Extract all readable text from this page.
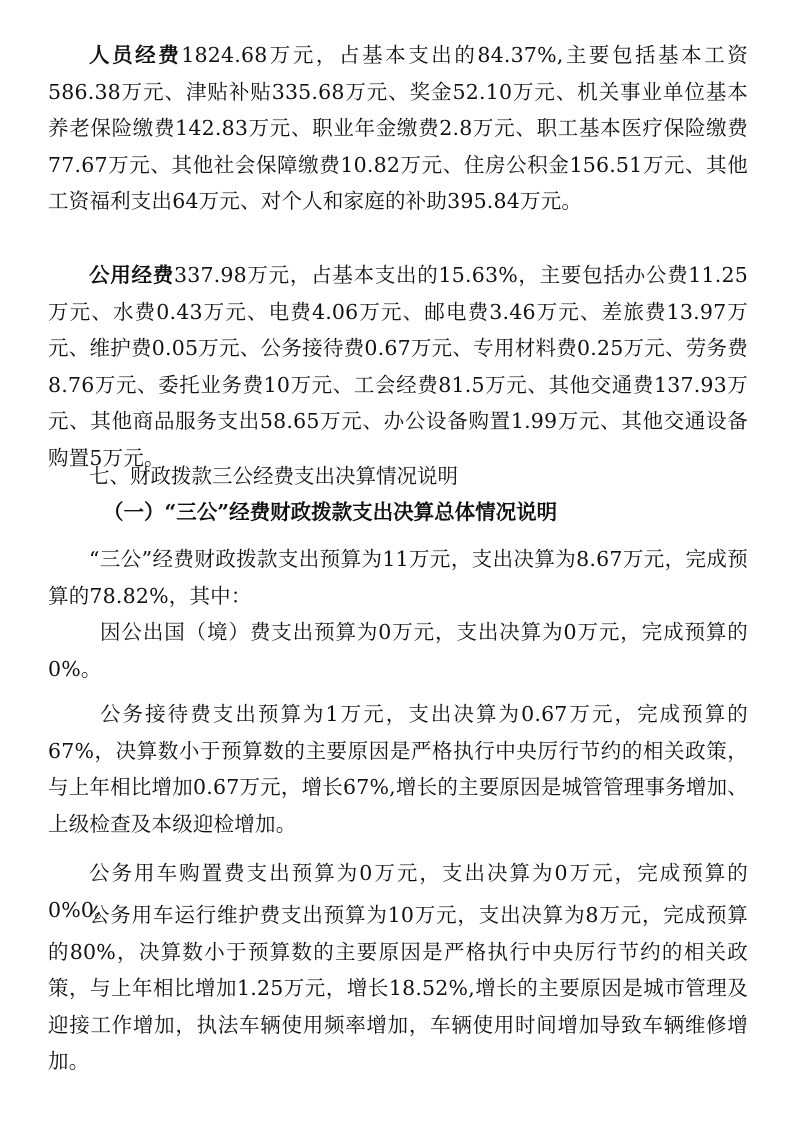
人员经费1824.68万元，占基本支出的84.37%,主要包括基本工资586.38万元、津贴补贴335.68万元、奖金52.10万元、机关事业单位基本养老保险缴费142.83万元、职业年金缴费2.8万元、职工基本医疗保险缴费77.67万元、其他社会保障缴费10.82万元、住房公积金156.51万元、其他工资福利支出64万元、对个人和家庭的补助395.84万元。

公用经费337.98万元，占基本支出的15.63%，主要包括办公费11.25万元、水费0.43万元、电费4.06万元、邮电费3.46万元、差旅费13.97万元、维护费0.05万元、公务接待费0.67万元、专用材料费0.25万元、劳务费8.76万元、委托业务费10万元、工会经费81.5万元、其他交通费137.93万元、其他商品服务支出58.65万元、办公设备购置1.99万元、其他交通设备购置5万元。

七、财政拨款三公经费支出决算情况说明

（一）“三公”经费财政拨款支出决算总体情况说明

“三公”经费财政拨款支出预算为11万元，支出决算为8.67万元，完成预算的78.82%，其中：

因公出国（境）费支出预算为0万元，支出决算为0万元，完成预算的0%。

公务接待费支出预算为1万元，支出决算为0.67万元，完成预算的67%，决算数小于预算数的主要原因是严格执行中央厉行节约的相关政策，与上年相比增加0.67万元，增长67%,增长的主要原因是城管管理事务增加、上级检查及本级迎检增加。

公务用车购置费支出预算为0万元，支出决算为0万元，完成预算的0%0。

公务用车运行维护费支出预算为10万元，支出决算为8万元，完成预算的80%，决算数小于预算数的主要原因是严格执行中央厉行节约的相关政策，与上年相比增加1.25万元，增长18.52%,增长的主要原因是城市管理及迎接工作增加，执法车辆使用频率增加，车辆使用时间增加导致车辆维修增加。
